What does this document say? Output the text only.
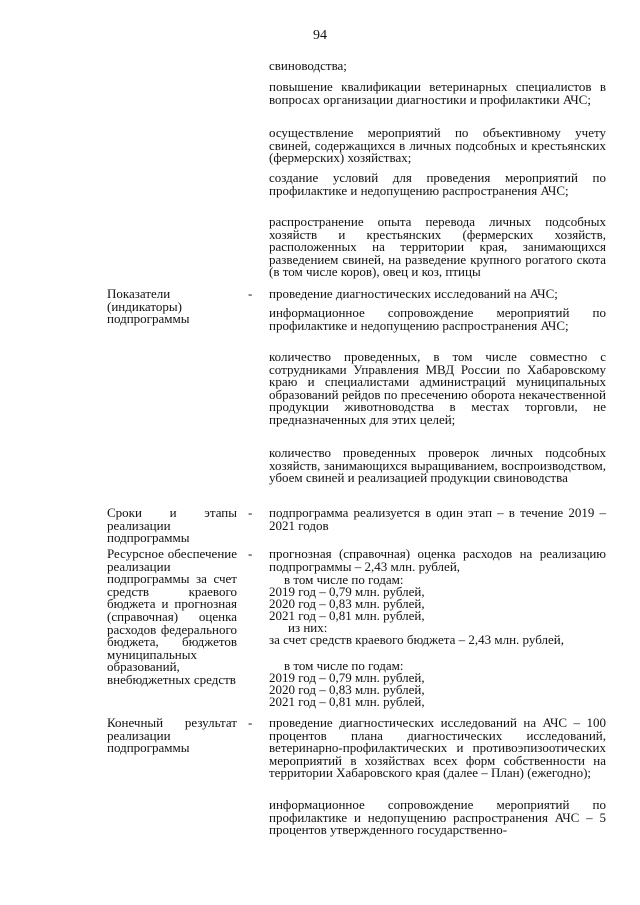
94

свиноводства;

повышение квалификации ветеринарных специалистов в вопросах организации диагностики и профилактики АЧС;

осуществление мероприятий по объективному учету свиней, содержащихся в личных подсобных и крестьянских (фермерских) хозяйствах;

создание условий для проведения мероприятий по профилактике и недопущению распространения АЧС;

распространение опыта перевода личных подсобных хозяйств и крестьянских (фермерских хозяйств, расположенных на территории края, занимающихся разведением свиней, на разведение крупного рогатого скота (в том числе коров), овец и коз, птицы

Показатели (индикаторы) подпрограммы
- проведение диагностических исследований на АЧС;

информационное сопровождение мероприятий по профилактике и недопущению распространения АЧС;

количество проведенных, в том числе совместно с сотрудниками Управления МВД России по Хабаровскому краю и специалистами администраций муниципальных образований рейдов по пресечению оборота некачественной продукции животноводства в местах торговли, не предназначенных для этих целей;

количество проведенных проверок личных подсобных хозяйств, занимающихся выращиванием, воспроизводством, убоем свиней и реализацией продукции свиноводства

Сроки и этапы реализации подпрограммы
- подпрограмма реализуется в один этап – в течение 2019 – 2021 годов

Ресурсное обеспечение реализации подпрограммы за счет средств краевого бюджета и прогнозная (справочная) оценка расходов федерального бюджета, бюджетов муниципальных образований, внебюджетных средств
- прогнозная (справочная) оценка расходов на реализацию подпрограммы – 2,43 млн. рублей,

в том числе по годам:
2019 год – 0,79 млн. рублей,
2020 год – 0,83 млн. рублей,
2021 год – 0,81 млн. рублей,
из них:

за счет средств краевого бюджета – 2,43 млн. рублей,

в том числе по годам:
2019 год – 0,79 млн. рублей,
2020 год – 0,83 млн. рублей,
2021 год – 0,81 млн. рублей,
Конечный результат реализации подпрограммы
- проведение диагностических исследований на АЧС – 100 процентов плана диагностических исследований, ветеринарно-профилактических и противоэпизоотических мероприятий в хозяйствах всех форм собственности на территории Хабаровского края (далее – План) (ежегодно);

информационное сопровождение мероприятий по профилактике и недопущению распространения АЧС – 5 процентов утвержденного государственно-
